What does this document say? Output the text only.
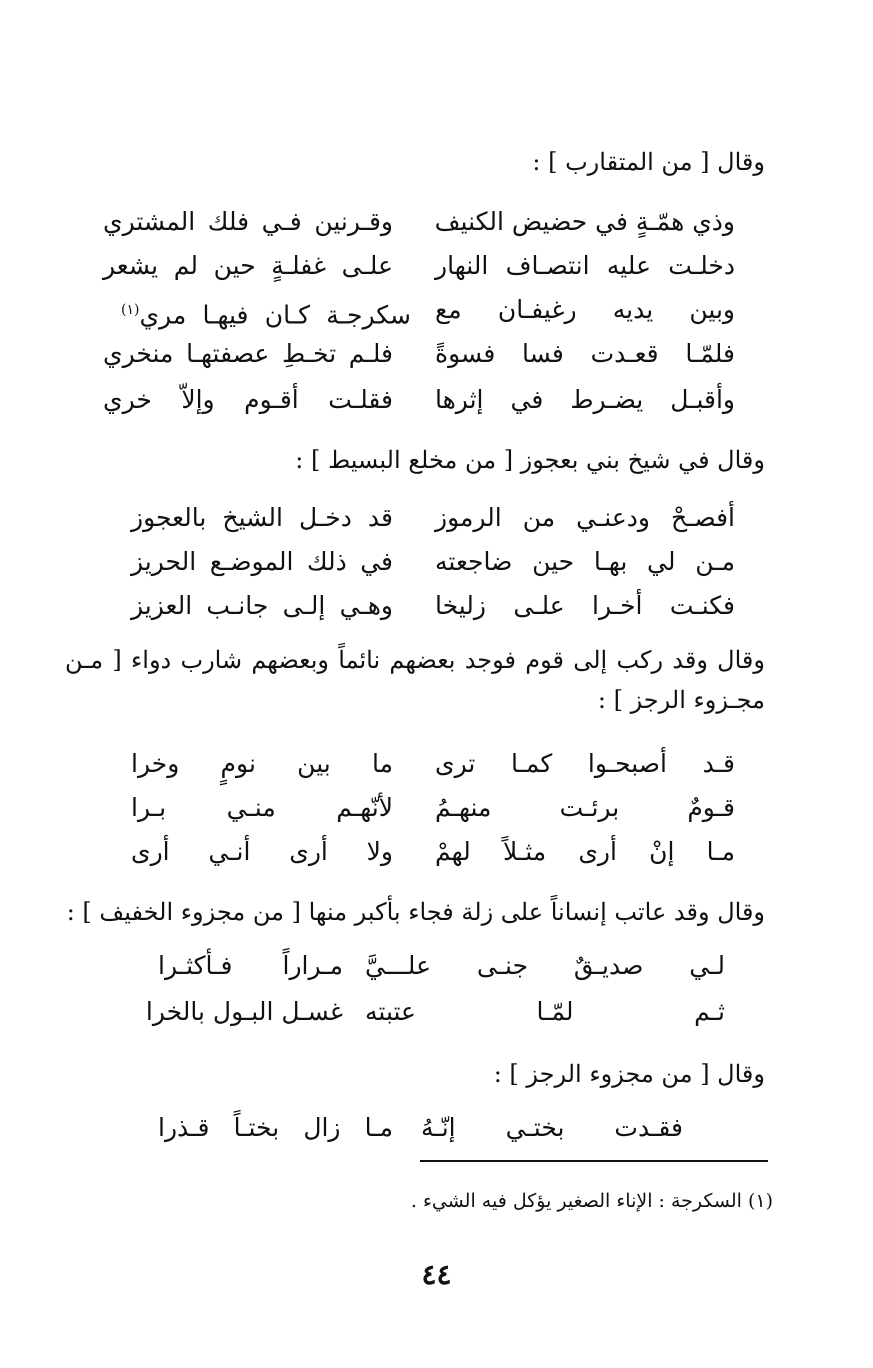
وقال [ من المتقارب ] :
وذي همّـةٍ في حضيض الكنيف
وقـرنين فـي فلك المشتري
دخلـت عليه انتصـاف النهار
علـى غفلـةٍ حين لم يشعر
وبين يديه رغيفـان مع
سكرجـة كـان فيهـا مري$^{(١)}$
فلمّـا قعـدت فسا فسوةً
فلـم تخـطِ عصفتهـا منخري
وأقبـل يضـرط في إثرها
فقلـت أقـوم وإلاّ خري
وقال في شيخ بني بعجوز [ من مخلع البسيط ] :
أفصـحْ ودعنـي من الرموز
قد دخـل الشيخ بالعجوز
مـن لي بهـا حين ضاجعته
في ذلك الموضـع الحريز
فكنـت أخـرا علـى زليخا
وهـي إلـى جانـب العزيز
وقال وقد ركب إلى قوم فوجد بعضهم نائماً وبعضهم شارب دواء [ مـن مجـزوء الرجز ] :
قـد أصبحـوا كمـا ترى
ما بين نومٍ وخرا
قـومٌ برئـت منهـمُ
لأنّهـم منـي بـرا
مـا إنْ أرى مثـلاً لهمْ
ولا أرى أنـي أرى
وقال وقد عاتب إنساناً على زلة فجاء بأكبر منها [ من مجزوء الخفيف ] :
لـي صديـقٌ جنـى علـــيَّ
مـراراً فـأكثـرا
ثـم لمّـا عتبته
غسـل البـول بالخرا
وقال [ من مجزوء الرجز ] :
فقـدت بختـي إنّـهُ
مـا زال بختـاً قـذرا
(١) السكرجة : الإناء الصغير يؤكل فيه الشيء .
٤٤
